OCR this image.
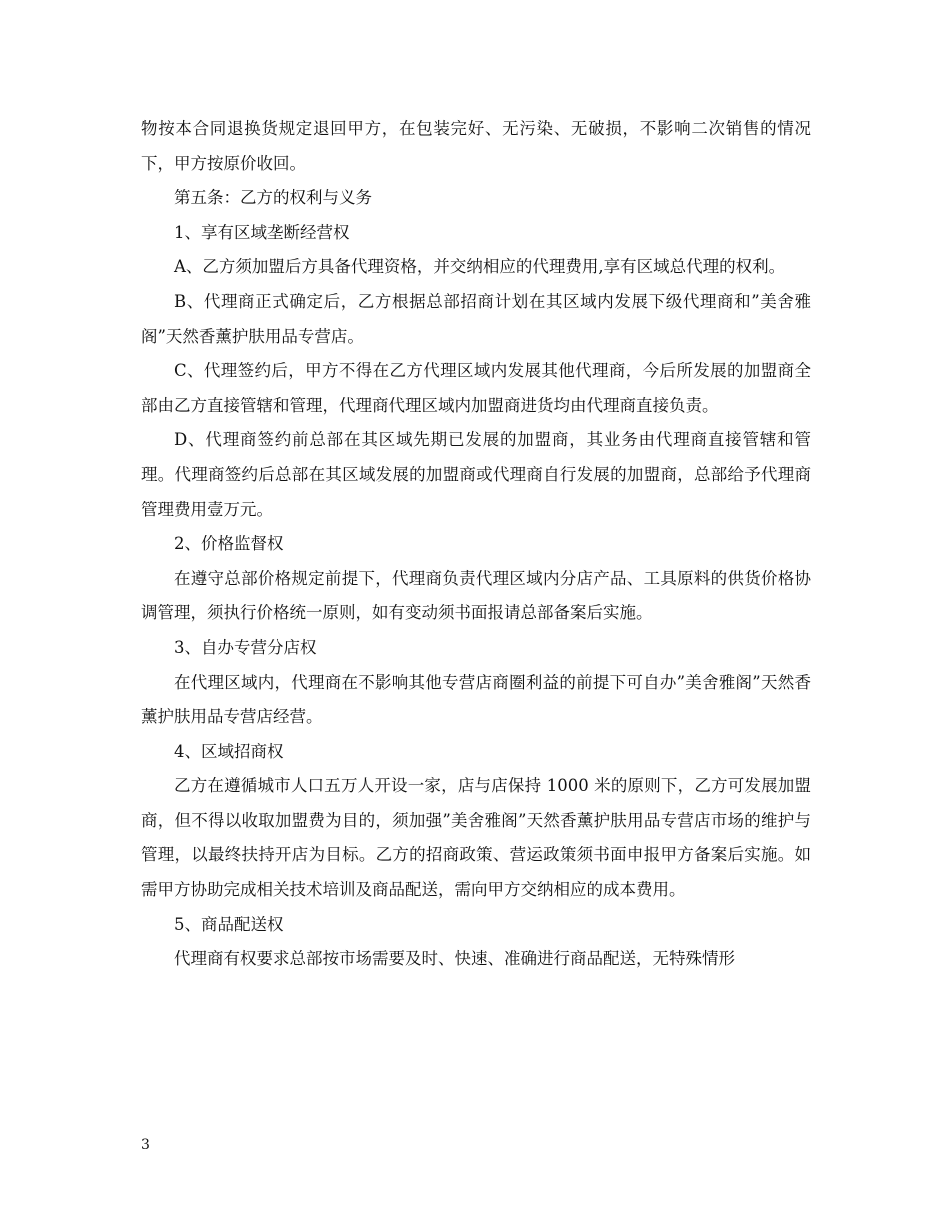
物按本合同退换货规定退回甲方，在包装完好、无污染、无破损，不影响二次销售的情况下，甲方按原价收回。

第五条：乙方的权利与义务

1、享有区域垄断经营权

A、乙方须加盟后方具备代理资格，并交纳相应的代理费用,享有区域总代理的权利。

B、代理商正式确定后，乙方根据总部招商计划在其区域内发展下级代理商和”美舍雅阁”天然香薰护肤用品专营店。

C、代理签约后，甲方不得在乙方代理区域内发展其他代理商，今后所发展的加盟商全部由乙方直接管辖和管理，代理商代理区域内加盟商进货均由代理商直接负责。

D、代理商签约前总部在其区域先期已发展的加盟商，其业务由代理商直接管辖和管理。代理商签约后总部在其区域发展的加盟商或代理商自行发展的加盟商，总部给予代理商管理费用壹万元。

2、价格监督权

在遵守总部价格规定前提下，代理商负责代理区域内分店产品、工具原料的供货价格协调管理，须执行价格统一原则，如有变动须书面报请总部备案后实施。

3、自办专营分店权

在代理区域内，代理商在不影响其他专营店商圈利益的前提下可自办”美舍雅阁”天然香薰护肤用品专营店经营。

4、区域招商权

乙方在遵循城市人口五万人开设一家，店与店保持 1000 米的原则下，乙方可发展加盟商，但不得以收取加盟费为目的，须加强”美舍雅阁”天然香薰护肤用品专营店市场的维护与管理，以最终扶持开店为目标。乙方的招商政策、营运政策须书面申报甲方备案后实施。如需甲方协助完成相关技术培训及商品配送，需向甲方交纳相应的成本费用。

5、商品配送权

代理商有权要求总部按市场需要及时、快速、准确进行商品配送，无特殊情形

3
